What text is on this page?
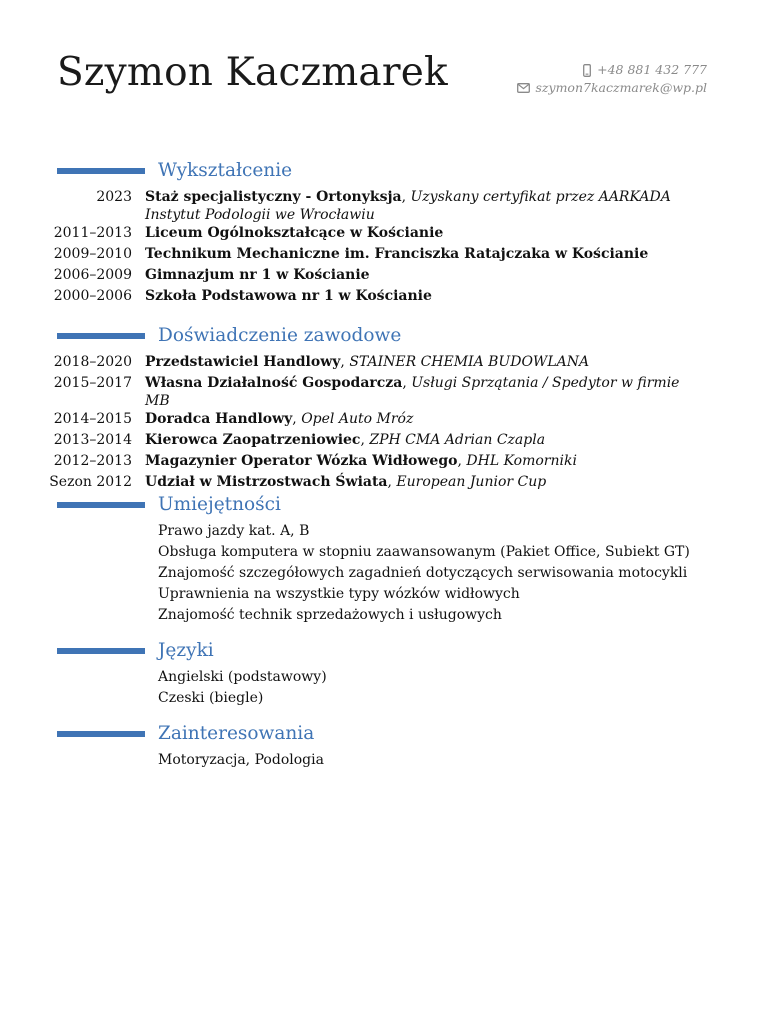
Szymon Kaczmarek	+48 881 432 777
szymon7kaczmarek@wp.pl
Wykształcenie
2023 Staż specjalistyczny - Ortonyksja, Uzyskany certyfikat przez AARKADA Instytut Podologii we Wrocławiu
2011–2013 Liceum Ogólnokształcące w Kościanie
2009–2010 Technikum Mechaniczne im. Franciszka Ratajczaka w Kościanie
2006–2009 Gimnazjum nr 1 w Kościanie
2000–2006 Szkoła Podstawowa nr 1 w Kościanie
Doświadczenie zawodowe
2018–2020 Przedstawiciel Handlowy, STAINER CHEMIA BUDOWLANA
2015–2017 Własna Działalność Gospodarcza, Usługi Sprzątania / Spedytor w firmie MB
2014–2015 Doradca Handlowy, Opel Auto Mróz
2013–2014 Kierowca Zaopatrzeniowiec, ZPH CMA Adrian Czapla
2012–2013 Magazynier Operator Wózka Widłowego, DHL Komorniki
Sezon 2012 Udział w Mistrzostwach Świata, European Junior Cup
Umiejętności
Prawo jazdy kat. A, B
Obsługa komputera w stopniu zaawansowanym (Pakiet Office, Subiekt GT)
Znajomość szczegółowych zagadnień dotyczących serwisowania motocykli
Uprawnienia na wszystkie typy wózków widłowych
Znajomość technik sprzedażowych i usługowych
Języki
Angielski (podstawowy)
Czeski (biegle)
Zainteresowania
Motoryzacja, Podologia
